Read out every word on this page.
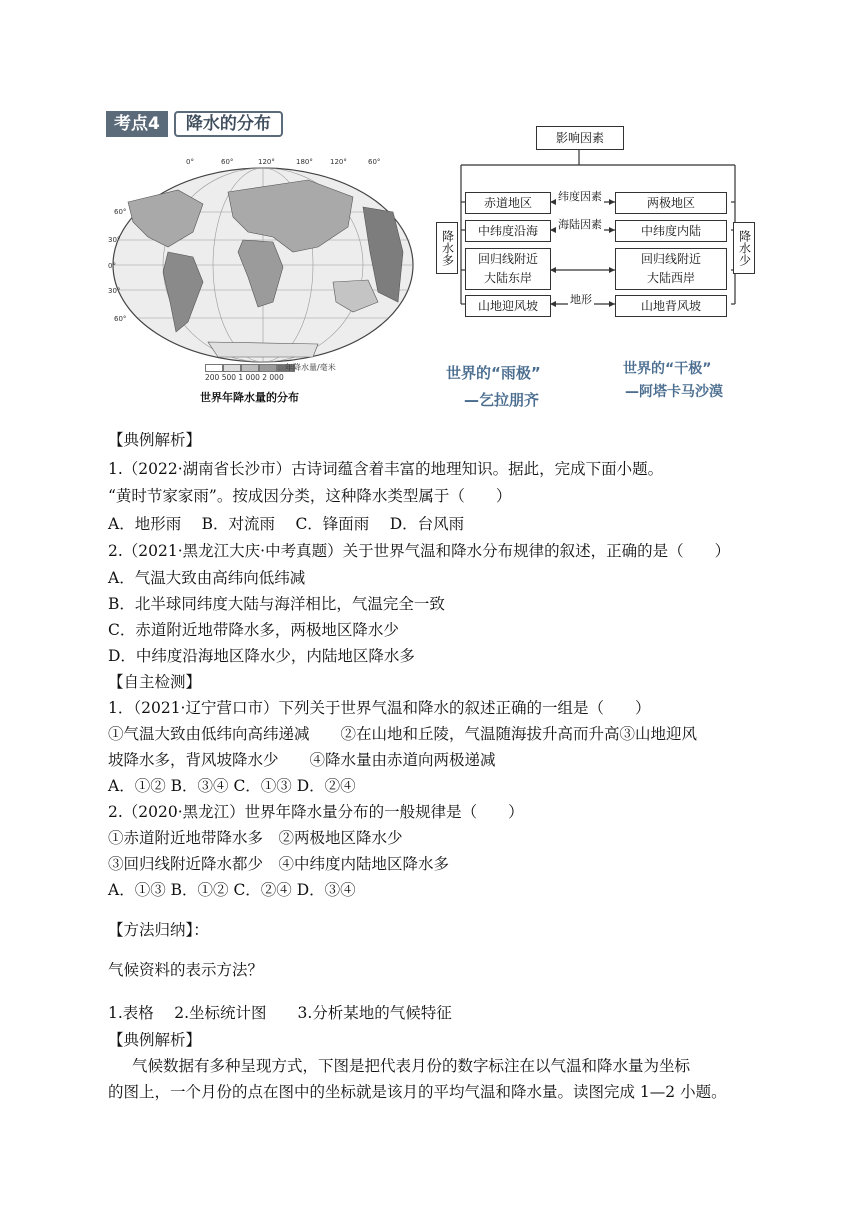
考点4	降水的分布
0°	60°	120°	180° 120°	60°
60°
30°
0°
30°
60°
200 500 1 000 2 000
年降水量/毫米
世界年降水量的分布
影响因素
降水多	降水少
赤道地区	两极地区
纬度因素
中纬度沿海	中纬度内陆
海陆因素
回归线附近
大陆东岸
回归线附近
大陆西岸
山地迎风坡	山地背风坡
地形
世界的“雨极”
—乞拉朋齐
世界的“干极”
—阿塔卡马沙漠
【典例解析】
1.（2022·湖南省长沙市）古诗词蕴含着丰富的地理知识。据此，完成下面小题。
“黄时节家家雨”。按成因分类，这种降水类型属于（　　）
A．地形雨　 B．对流雨　 C．锋面雨　 D．台风雨
2.（2021·黑龙江大庆·中考真题）关于世界气温和降水分布规律的叙述，正确的是（　　）
A．气温大致由高纬向低纬减
B．北半球同纬度大陆与海洋相比，气温完全一致
C．赤道附近地带降水多，两极地区降水少
D．中纬度沿海地区降水少，内陆地区降水多
【自主检测】
1．（2021·辽宁营口市）下列关于世界气温和降水的叙述正确的一组是（　　）
①气温大致由低纬向高纬递减　　②在山地和丘陵，气温随海拔升高而升高③山地迎风
坡降水多，背风坡降水少　　④降水量由赤道向两极递减
A．①② B．③④ C．①③ D．②④
2.（2020·黑龙江）世界年降水量分布的一般规律是（　　）
①赤道附近地带降水多　②两极地区降水少
③回归线附近降水都少　④中纬度内陆地区降水多
A．①③ B．①② C．②④ D．③④
【方法归纳】：
气候资料的表示方法？
1.表格　 2.坐标统计图　　3.分析某地的气候特征
【典例解析】
气候数据有多种呈现方式，下图是把代表月份的数字标注在以气温和降水量为坐标
的图上，一个月份的点在图中的坐标就是该月的平均气温和降水量。读图完成 1—2 小题。
